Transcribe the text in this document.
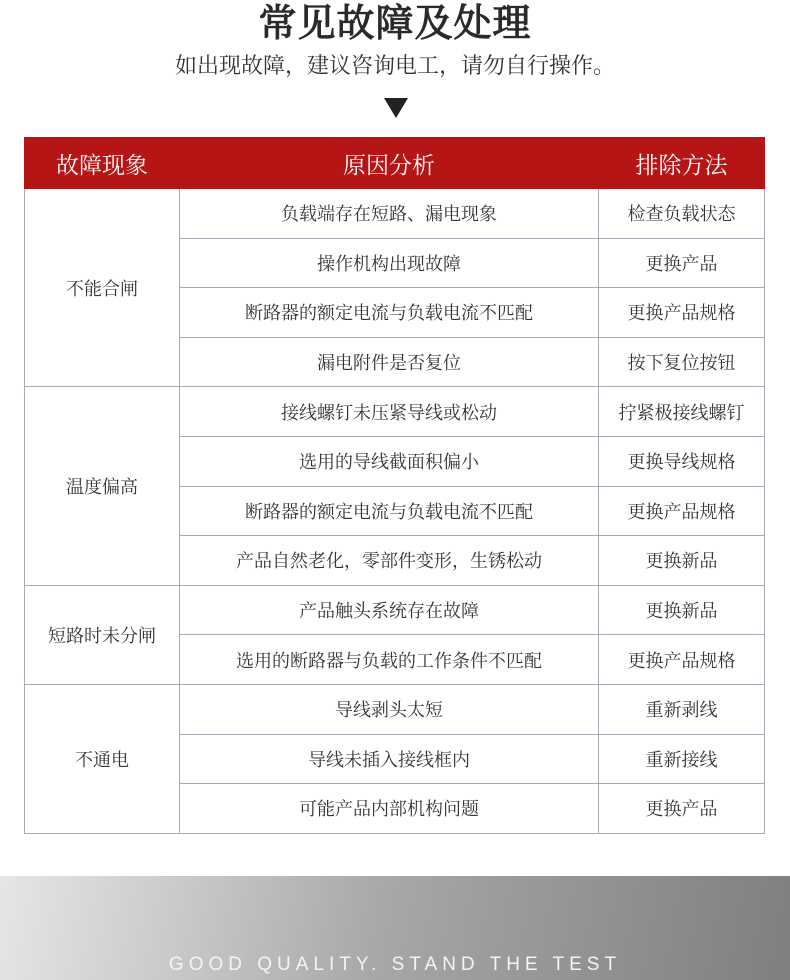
常见故障及处理
如出现故障，建议咨询电工，请勿自行操作。
故障现象	原因分析	排除方法
不能合闸	负载端存在短路、漏电现象	检查负载状态
	操作机构出现故障	更换产品
	断路器的额定电流与负载电流不匹配	更换产品规格
	漏电附件是否复位	按下复位按钮
温度偏高	接线螺钉未压紧导线或松动	拧紧极接线螺钉
	选用的导线截面积偏小	更换导线规格
	断路器的额定电流与负载电流不匹配	更换产品规格
	产品自然老化，零部件变形，生锈松动	更换新品
短路时未分闸	产品触头系统存在故障	更换新品
	选用的断路器与负载的工作条件不匹配	更换产品规格
不通电	导线剥头太短	重新剥线
	导线未插入接线框内	重新接线
	可能产品内部机构问题	更换产品
GOOD QUALITY. STAND THE TEST
